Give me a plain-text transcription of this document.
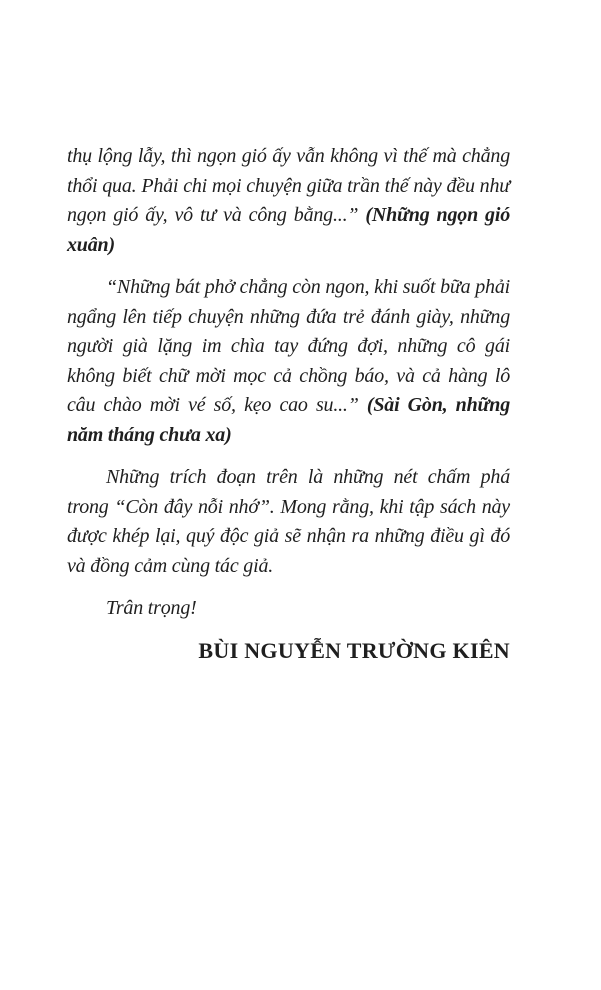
thụ lộng lẫy, thì ngọn gió ấy vẫn không vì thế mà chẳng thổi qua. Phải chi mọi chuyện giữa trần thế này đều như ngọn gió ấy, vô tư và công bằng...” (Những ngọn gió xuân)

“Những bát phở chẳng còn ngon, khi suốt bữa phải ngẩng lên tiếp chuyện những đứa trẻ đánh giày, những người già lặng im chìa tay đứng đợi, những cô gái không biết chữ mời mọc cả chồng báo, và cả hàng lô câu chào mời vé số, kẹo cao su...” (Sài Gòn, những năm tháng chưa xa)

Những trích đoạn trên là những nét chấm phá trong “Còn đây nỗi nhớ”. Mong rằng, khi tập sách này được khép lại, quý độc giả sẽ nhận ra những điều gì đó và đồng cảm cùng tác giả.

Trân trọng!

BÙI NGUYỄN TRƯỜNG KIÊN
